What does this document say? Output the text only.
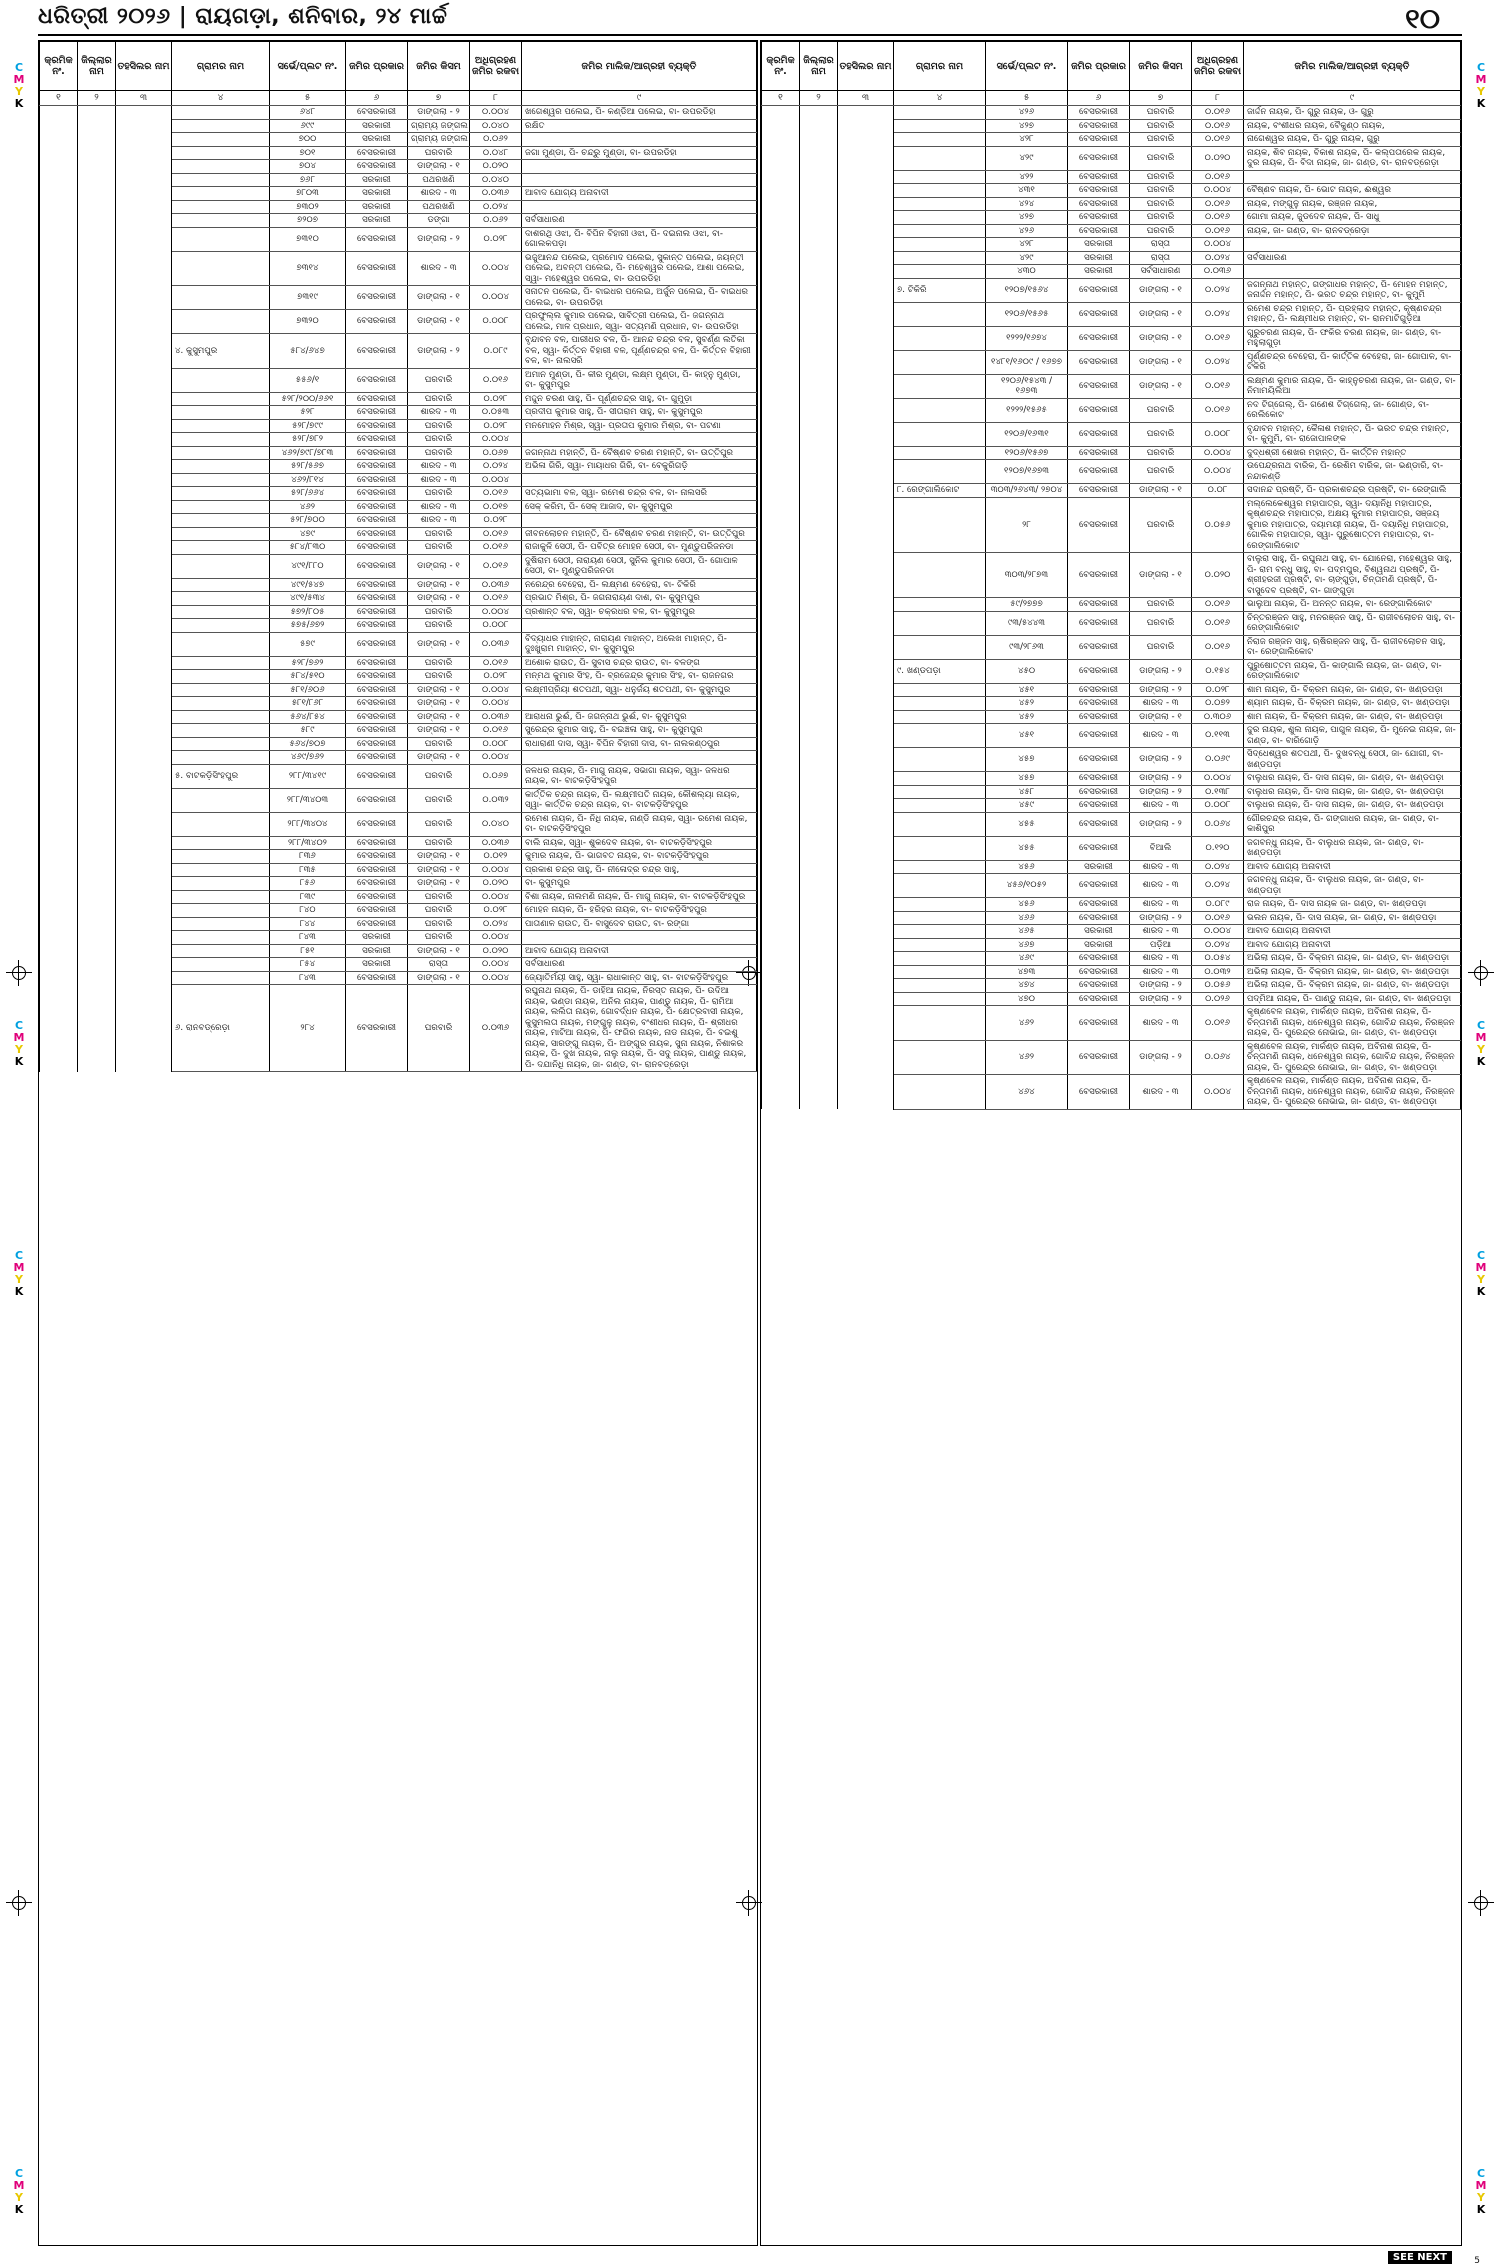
ଧରିତ୍ରୀ ୨୦୨୬ | ରାୟଗଡ଼ା, ଶନିବାର, ୨୪ ମାର୍ଚ୍ଚ	୧୦
C
M
Y
K
C
M
Y
K
C
M
Y
K
C
M
Y
K
C
M
Y
K
C
M
Y
K
C
M
Y
K
C
M
Y
K
କ୍ରମିକ ନଂ.	ଜିଲ୍ଲାର ନାମ	ତହସିଲର ନାମ	ଗ୍ରାମର ନାମ	ସର୍ଭେ/ପ୍ଲଟ ନଂ.	ଜମିର ପ୍ରକାର	ଜମିର କିସମ	ଅଧିଗ୍ରହଣ ଜମିର ରକବା	ଜମିର ମାଲିକ/ଆଗ୍ରହୀ ବ୍ୟକ୍ତି
୧	୨	୩	୪	୫	୬	୭	୮	୯
				୬୪୮	ବେସରକାରୀ	ଡାଙ୍ଗଲା - ୨	୦.୦୦୪	ଖଗେଶ୍ୱର ପଲେଇ, ପି- କଣ୍ଡିଆ ପଲେଇ, ବା- ଉପରଡିହା
				୬୯୯	ସରକାରୀ	ଗ୍ରାମ୍ୟ ଜଙ୍ଗଲ	୦.୦୪୦	ରକ୍ଷିତ
				୭୦୦	ସରକାରୀ	ଗ୍ରାମ୍ୟ ଜଙ୍ଗଲ	୦.୦୬୨	
				୭୦୧	ବେସରକାରୀ	ଘରବାରି	୦.୦୪୮	ଜଗା ମୁଣ୍ଡା, ପି- ଚନ୍ଦ୍ରୁ ମୁଣ୍ଡା, ବା- ଉପରଡିହା
				୭୦୪	ବେସରକାରୀ	ଡାଙ୍ଗଲା - ୧	୦.୦୨୦	
				୭୬୮	ସରକାରୀ	ପଥରଖଣି	୦.୦୪୦	
				୭୮୦୩	ସରକାରୀ	ଶାରଦ - ୩	୦.୦୩୬	ଆବାଦ ଯୋଗ୍ୟ ଅନାବାଦୀ
				୭୩୦୨	ସରକାରୀ	ପଥରଖଣି	୦.୦୨୪	
				୭୨୦୭	ସରକାରୀ	ଡଙ୍ଗା	୦.୦୬୨	ସର୍ବସାଧାରଣ
				୭୩୧୦	ବେସରକାରୀ	ଡାଙ୍ଗଲା - ୨	୦.୦୨୮	ଦାଶରଥି ଓଝା, ପି- ବିପିନ ବିହାରୀ ଓଝା, ପି- ଦଇନାଲ ଓଝା, ବା- ଗୋଲକପଡ଼ା
				୭୩୧୪	ବେସରକାରୀ	ଶାରଦ - ୩	୦.୦୦୪	ଭଜୁଆନନ୍ଦ ପଲେଇ, ପ୍ରମୋଦ ପଲେଇ, ସୁକାନ୍ତ ପଲେଇ, ଜୟନ୍ତୀ ପଲେଇ, ଅବନ୍ତୀ ପଲେଇ, ପି- ମହେଶ୍ୱର ପଲେଇ, ଆଶା ପଲେଇ, ସ୍ୱା- ମହେଶ୍ୱର ପଲେଇ, ବା- ଉପରଡିହା
				୭୩୧୯	ବେସରକାରୀ	ଡାଙ୍ଗଲା - ୧	୦.୦୦୪	ସନାତନ ପଲେଇ, ପି- ବାଇଧର ପଲେଇ, ଅର୍ଜୁନ ପଲେଇ, ପି- ବାଇଧର ପଲେଇ, ବା- ଉପରଡିହା
				୭୩୨୦	ବେସରକାରୀ	ଡାଙ୍ଗଲା - ୧	୦.୦୦୮	ପ୍ରଫୁଲ୍ଲ କୁମାର ପଲେଇ, ସାବିତ୍ରୀ ପଲେଇ, ପି- ଜଗନ୍ନାଥ ପଲେଇ, ମାଳ ପ୍ରଧାନ, ସ୍ୱା- ସତ୍ୟମଣି ପ୍ରଧାନ, ବା- ଉପରଡିହା
			୪. କୁସୁମପୁର	୫୮୪/୬୪୭	ବେସରକାରୀ	ଡାଙ୍ଗଲା - ୨	୦.୦୮୯	ବୃନ୍ଦାବନ ବଳ, ପାରୀଧର ବଳ, ପି- ଆନନ୍ଦ ଚନ୍ଦ୍ର ବଳ, ସୁବର୍ଣ୍ଣ ଲତିକା ବଳ, ସ୍ୱା- କିର୍ତ୍ତନ ବିହାରୀ ବଳ, ପୂର୍ଣ୍ଣଚନ୍ଦ୍ର ବଳ, ପି- କିର୍ତ୍ତନ ବିହାରୀ ବଳ, ବା- ନାଲସରି
				୫୫୬/୧	ବେସରକାରୀ	ଘରବାରି	୦.୦୧୬	ଅମାନ ମୁଣ୍ଡା, ପି- କୀର ମୁଣ୍ଡା, ଲକ୍ଷ୍ମ ମୁଣ୍ଡା, ପି- କାହ୍ନୁ ମୁଣ୍ଡା, ବା- କୁସୁମପୁର
				୫୨୮/୨୦୦/୬୬୧	ବେସରକାରୀ	ଘରବାରି	୦.୦୨୮	ମଦ୍ଦୁନ ଚରଣ ସାହୁ, ପି- ପୂର୍ଣ୍ଣଚନ୍ଦ୍ର ସାହୁ, ବା- ଗୁମୁଡ଼ା
				୫୨୮	ବେସରକାରୀ	ଶାରଦ - ୩	୦.୦୫୩	ପ୍ରଦୀପ କୁମାର ସାହୁ, ପି- ସୀତାରାମ ସାହୁ, ବା- କୁସୁମପୁର
				୫୨୮/୭୯୯	ବେସରକାରୀ	ଘରବାରି	୦.୦୨୮	ମନମୋହନ ମିଶ୍ର, ସ୍ୱା- ପ୍ରତାପ କୁମାର ମିଶ୍ର, ବା- ପଟଣା
				୫୨୮/୭୮୨	ବେସରକାରୀ	ଘରବାରି	୦.୦୦୪	
				୪୬୨/୭୯୮/୭୮୩	ବେସରକାରୀ	ଘରବାରି	୦.୦୬୭	ଜଗନ୍ନାଥ ମହାନ୍ତି, ପି- ବୈଷ୍ଣବ ଚରଣ ମହାନ୍ତି, ବା- ଉତ୍ତିପୁର
				୫୨୮/୫୬୭	ବେସରକାରୀ	ଶାରଦ - ୩	୦.୦୨୪	ଅଭିଳା ଗିରି, ସ୍ୱା- ମାୟାଧର ଗିରି, ବା- ବେକୁରିଗଡ଼ି
				୪୬୨/୮୧୪	ବେସରକାରୀ	ଶାରଦ - ୩	୦.୦୦୪	
				୫୨୮/୬୬୪	ବେସରକାରୀ	ଘରବାରି	୦.୦୧୬	ସତ୍ୟଭାମା ବଳ, ସ୍ୱା- ରମେଶ ଚନ୍ଦ୍ର ବଳ, ବା- ନାଲସରି
				୪୬୨	ବେସରକାରୀ	ଶାରଦ - ୩	୦.୦୧୭	ସେକ୍ କରିମ, ପି- ସେକ୍ ଆଜାଦ, ବା- କୁସୁମପୁର
				୫୨୮/୭୦୦	ବେସରକାରୀ	ଶାରଦ - ୩	୦.୦୨୮	
				୪୭୯	ବେସରକାରୀ	ଘରବାରି	୦.୦୧୬	ଜୀବନଲୋଚନ ମହାନ୍ତି, ପି- ବୈଷ୍ଣବ ଚରଣ ମହାନ୍ତି, ବା- ଉତ୍ତିପୁର
				୫୮୪/୮୩୦	ବେସରକାରୀ	ଘରବାରି	୦.୦୧୬	ରାଜାକୁଳି ସେଠୀ, ପି- ପବିତ୍ର ମୋହନ ସେଠୀ, ବା- ମୁଣ୍ଡୁପରିଜନଡା
				୪୯୧/୮୮୦	ବେସରକାରୀ	ଡାଙ୍ଗଲା - ୧	୦.୦୧୬	ଦୁଷିରାମ ସେଠୀ, ନାରାୟଣ ସେଠୀ, ସୁନିଲ କୁମାର ସେଠୀ, ପି- ଗୋପାଳ ସେଠୀ, ବା- ମୁଣ୍ଡୁପରିଜନଡା
				୪୯୧/୫୪୭	ବେସରକାରୀ	ଡାଙ୍ଗଲା - ୧	୦.୦୩୬	ନରେନ୍ଦ୍ର ବେହେରା, ପି- ଲକ୍ଷ୍ମଣ ବେହେରା, ବା- ଟିକିରି
				୪୯୧/୫୩୪	ବେସରକାରୀ	ଡାଙ୍ଗଲା - ୧	୦.୦୧୬	ପ୍ରଭାତ ମିଶ୍ର, ପି- ଜଗନାରାୟଣ ଦାଶ, ବା- କୁସୁମପୁର
				୫୭୨/୮୦୫	ବେସରକାରୀ	ଘରବାରି	୦.୦୦୪	ପ୍ରଶାନ୍ତ ବଳ, ସ୍ୱା- ଚକ୍ରଧର ବଳ, ବା- କୁସୁମପୁର
				୫୭୫/୬୭୨	ବେସରକାରୀ	ଘରବାରି	୦.୦୦୮	
				୫୭୯	ବେସରକାରୀ	ଡାଙ୍ଗଲା - ୧	୦.୦୩୬	ବିଦ୍ୟାଧର ମାହାନ୍ତ, ନାରାୟଣ ମାହାନ୍ତ, ଅଲେଖ ମାହାନ୍ତ, ପି- ଦୁଃଖୁରାମ ମାହାନ୍ତ, ବା- କୁସୁମପୁର
				୫୨୮/୭୬୨	ବେସରକାରୀ	ଘରବାରି	୦.୦୧୬	ଅଶୋକ ରାଉତ, ପି- ସୁବାସ ଚନ୍ଦ୍ର ରାଉତ, ବା- ବଳଙ୍ଗ
				୫୮୪/୫୧୦	ବେସରକାରୀ	ଘରବାରି	୦.୦୨୮	ମନ୍ମଥ କୁମାର ସିଂହ, ପି- ବ୍ରଜେନ୍ଦ୍ର କୁମାର ସିଂହ, ବା- ରାଜନଗର
				୫୮୧/୬୦୬	ବେସରକାରୀ	ଡାଙ୍ଗଲା - ୧	୦.୦୦୪	ଲକ୍ଷ୍ମୀପ୍ରିୟା ଶତପଥୀ, ସ୍ୱା- ଧନୁର୍ଜୟ ଶତପଥୀ, ବା- କୁସୁମପୁର
				୫୮୧/୮୬୮	ବେସରକାରୀ	ଡାଙ୍ଗଲା - ୧	୦.୦୦୪	
				୫୬୪/୮୫୪	ବେସରକାରୀ	ଡାଙ୍ଗଲା - ୧	୦.୦୩୬	ଆରାଧନା ଭୁଈଁ, ପି- ଜଗନ୍ନାଥ ଭୁଈଁ, ବା- କୁସୁମପୁର
				୫୮୯	ବେସରକାରୀ	ଡାଙ୍ଗଲା - ୧	୦.୦୧୬	ସୁରେନ୍ଦ୍ର କୁମାର ସାହୁ, ପି- ବଇଞ୍ଚଳା ସାହୁ, ବା- କୁସୁମପୁର
				୫୬୪/୭୦୭	ବେସରକାରୀ	ଘରବାରି	୦.୦୦୮	ରାଧାରାଣୀ ଦାସ, ସ୍ୱା- ବିପିନ ବିହାରୀ ଦାସ, ବା- ନାଲକଣ୍ଠପୁର
				୪୬୯/୭୬୨	ବେସରକାରୀ	ଡାଙ୍ଗଲା - ୧	୦.୦୦୪	
			୫. ବାଟକଡ଼ିସିଂହପୁର	୨୮୮/୩୪୧୯	ବେସରକାରୀ	ଘରବାରି	୦.୦୬୭	ଜଳଧର ନାୟକ, ପି- ମାଗୁ ନାୟକ, ସଭାଗା ନାୟକ, ସ୍ୱା- ଜଳଧର ନାୟକ, ବା- ବାଟକଡ଼ିସିଂହପୁର
				୨୮୮/୩୪୦୩	ବେସରକାରୀ	ଘରବାରି	୦.୦୩୨	କାର୍ତ୍ତିକ ଚନ୍ଦ୍ର ନାୟକ, ପି- ଲକ୍ଷ୍ମୀପତି ନାୟକ, କୌଶଲ୍ୟା ନାୟକ, ସ୍ୱା- କାର୍ତ୍ତିକ ଚନ୍ଦ୍ର ନାୟକ, ବା- ବାଟକଡ଼ିସିଂହପୁର
				୨୮୮/୩୪୦୪	ବେସରକାରୀ	ଘରବାରି	୦.୦୪୦	ରମେଶ ନାୟକ, ପି- ନିଧି ନାୟକ, ନାଣ୍ଡି ନାୟକ, ସ୍ୱା- ରମେଶ ନାୟକ, ବା- ବାଟକଡ଼ିସିଂହପୁର
				୨୮୮/୩୪୦୨	ବେସରକାରୀ	ଘରବାରି	୦.୦୩୬	ବାଲି ନାୟକ, ସ୍ୱା- ଶୁକଦେବ ନାୟକ, ବା- ବାଟକଡ଼ିସିଂହପୁର
				୮୩୬	ବେସରକାରୀ	ଡାଙ୍ଗଲା - ୧	୦.୦୧୨	କୁମାର ନାୟକ, ପି- ଭାଗବତ ନାୟକ, ବା- ବାଟକଡ଼ିସିଂହପୁର
				୮୩୫	ବେସରକାରୀ	ଡାଙ୍ଗଲା - ୧	୦.୦୦୪	ପ୍ରକାଶ ଚନ୍ଦ୍ର ସାହୁ, ପି- ନୀଳୋଦ୍ର ଚନ୍ଦ୍ର ସାହୁ,
				୮୫୬	ବେସରକାରୀ	ଡାଙ୍ଗଲା - ୧	୦.୦୨୦	ବା- କୁସୁମପୁର
				୮୩୯	ବେସରକାରୀ	ଘରବାରି	୦.୦୦୪	ବିଶା ନାୟକ, ନାଲମଣି ନାୟକ, ପି- ମାଗୁ ନାୟକ, ବା- ବାଟକଡ଼ିସିଂହପୁର
				୮୪୦	ବେସରକାରୀ	ଘରବାରି	୦.୦୨୮	ମୋହନ ନାୟକ, ପି- ହରିହର ନାୟକ, ବା- ବାଟକଡ଼ିସିଂହପୁର
				୮୪୪	ବେସରକାରୀ	ଘରବାରି	୦.୦୨୪	ପାତାଣାଳ ରାଉତ, ପି- ବାସୁଦେବ ରାଉତ, ବା- ରଙ୍ଗା
				୮୪୩	ସରକାରୀ	ଘରବାରି	୦.୦୦୪	
				୮୫୧	ସରକାରୀ	ଡାଙ୍ଗଲା - ୧	୦.୦୨୦	ଆବାଦ ଯୋଗ୍ୟ ଅନାବାଦୀ
				୮୫୪	ସରକାରୀ	ରାସ୍ତା	୦.୦୦୪	ସର୍ବସାଧାରଣ
				୮୪୩	ବେସରକାରୀ	ଡାଙ୍ଗଲା - ୧	୦.୦୦୪	ଜ୍ୟୋତିର୍ମୟୀ ସାହୁ, ସ୍ୱା- ରାଧାକାନ୍ତ ସାହୁ, ବା- ବାଟକଡ଼ିସିଂହପୁର
			୬. ରାନବଡ୍ରେଡ଼ା	୨୮୪	ବେସରକାରୀ	ଘରବାରି	୦.୦୩୬	ରଘୁନାଥ ନାୟକ, ପି- ଡାହିଆ ନାୟକ, ନିରସ୍ତ ନାୟକ, ପି- ଉଦିଆ ନାୟକ, ଭଣ୍ଡା ନାୟକ, ଅନିଲ ନାୟକ, ପାଣ୍ଡୁ ନାୟକ, ପି- ରାମିଆ ନାୟକ, ଲଲିତା ନାୟକ, ଗୋବର୍ଦ୍ଧନ ନାୟକ, ପି- କ୍ଷେତ୍ରବାସୀ ନାୟକ, କୁସୁମଲତା ନାୟକ, ମଙ୍ଗୁଳୁ ନାୟକ, ବଂଶୀଧର ନାୟକ, ପି- ଶ୍ରୀଧର ନାୟକ, ମାଟିଆ ନାୟକ, ପି- ଫଗିର ନାୟକ, ନାଡ ନାୟକ, ପି- ବଇଶୁ ନାୟକ, ସାରଙ୍ଗୁ ନାୟକ, ପି- ଅଙ୍ଗୁର ନାୟକ, ସୁନା ନାୟକ, ନିଶାକର ନାୟକ, ପି- ଦୁଖ ନାୟକ, ନାଲୁ ନାୟକ, ପି- ସଦୁ ନାୟକ, ପାଣ୍ଡୁ ନାୟକ, ପି- ଦଯାନିଧି ନାୟକ, ଜା- ଗଣ୍ଡ, ବା- ରାନବଡ୍ରେଡ଼ା
କ୍ରମିକ ନଂ.	ଜିଲ୍ଲାର ନାମ	ତହସିଲର ନାମ	ଗ୍ରାମର ନାମ	ସର୍ଭେ/ପ୍ଲଟ ନଂ.	ଜମିର ପ୍ରକାର	ଜମିର କିସମ	ଅଧିଗ୍ରହଣ ଜମିର ରକବା	ଜମିର ମାଲିକ/ଆଗ୍ରହୀ ବ୍ୟକ୍ତି
୧	୨	୩	୪	୫	୬	୭	୮	୯
				୪୨୬	ବେସରକାରୀ	ଘରବାରି	୦.୦୧୬	ଜାର୍ଦ୍ଦନ ନାୟକ, ପି- ଗୁରୁ ନାୟକ, ଓ- ଗୁରୁ
				୪୨୭	ବେସରକାରୀ	ଘରବାରି	୦.୦୧୬	ନାୟକ, ବଂଶୀଧର ନାୟକ, ବୈକୁଣ୍ଠ ନାୟକ,
				୪୨୮	ବେସରକାରୀ	ଘରବାରି	୦.୦୧୬	ନାଗେଶ୍ୱର ନାୟକ, ପି- ଗୁରୁ ନାୟକ, ଗୁରୁ
				୪୨୯	ବେସରକାରୀ	ଘରବାରି	୦.୦୨୦	ନାୟକ, ଶିବ ନାୟକ, ବିକାଶ ନାୟକ, ପି- କଲ୍ପତାରେକ ନାୟକ, ଦୁର ନାୟକ, ପି- ବିଦା ନାୟକ, ଜା- ଗଣ୍ଡ, ବା- ରାନବଡ୍ରେଡ଼ା
				୪୨୨	ବେସରକାରୀ	ଘରବାରି	୦.୦୧୬	
				୪୩୧	ବେସରକାରୀ	ଘରବାରି	୦.୦୦୪	ବୈଷ୍ଣବ ନାୟକ, ପି- ଭୋଟ ନାୟକ, ଈଶ୍ୱର
				୪୨୪	ବେସରକାରୀ	ଘରବାରି	୦.୦୧୬	ନାୟକ, ମଙ୍ଗୁଳୁ ନାୟକ, ରଞ୍ଜନ ନାୟକ,
				୪୨୭	ବେସରକାରୀ	ଘରବାରି	୦.୦୧୬	ଗୋମା ନାୟକ, ଜୁଡଦେବ ନାୟକ, ପି- ସାଧୁ
				୪୨୬	ବେସରକାରୀ	ଘରବାରି	୦.୦୧୬	ନାୟକ, ଜା- ଗଣ୍ଡ, ବା- ରାନବଡ୍ରେଡ଼ା
				୪୨୮	ସରକାରୀ	ରାସ୍ତା	୦.୦୦୪	
				୪୨୯	ସରକାରୀ	ରାସ୍ତା	୦.୦୨୪	ସର୍ବସାଧାରଣ
				୪୩୦	ସରକାରୀ	ସର୍ବସାଧାରଣ	୦.୦୩୬	
			୭. ଟିକିରି	୧୨୦୭/୧୫୬୪	ବେସରକାରୀ	ଡାଙ୍ଗଲା - ୧	୦.୦୨୪	ଜଗନ୍ନାଥ ମହାନ୍ତ, ଗଙ୍ଗାଧର ମହାନ୍ତ, ପି- ମୋହନ ମହାନ୍ତ, ଜନାର୍ଦ୍ଦନ ମହାନ୍ତ, ପି- ଭରତ ଚନ୍ଦ୍ର ମହାନ୍ତ, ବା- କୁମୁମି
				୧୨୦୬/୧୫୬୫	ବେସରକାରୀ	ଡାଙ୍ଗଲା - ୧	୦.୦୨୪	ରମେଶ ଚନ୍ଦ୍ର ମହାନ୍ତ, ପି- ପ୍ରହ୍ଲାଦ ମହାନ୍ତ, କୃଷ୍ଣଚନ୍ଦ୍ର ମହାନ୍ତ, ପି- ଲକ୍ଷ୍ମୀଧର ମହାନ୍ତ, ବା- ରାନମାଟିଗୁଡ଼ିଆ
				୧୨୨୨/୧୬୭୪	ବେସରକାରୀ	ଡାଙ୍ଗଲା - ୧	୦.୦୧୬	ଗୁରୁଚରଣ ନାୟକ, ପି- ଫକିର ଚରଣ ନାୟକ, ଜା- ଗଣ୍ଡ, ବା- ମହୁଲାଗୁଡ଼ା
				୧୪୮୧/୧୬୦୯ / ୧୬୭୭	ବେସରକାରୀ	ଡାଙ୍ଗଲା - ୧	୦.୦୨୪	ପୂର୍ଣ୍ଣଚନ୍ଦ୍ର ବେହେରା, ପି- କାର୍ତ୍ତିକ ବେହେରା, ଜା- ଗୋପାଳ, ବା- ଟିକିରି
				୧୨୦୬/୧୫୪୩ / ୧୬୭୩	ବେସରକାରୀ	ଡାଙ୍ଗଲା - ୧	୦.୦୧୬	ଲକ୍ଷ୍ମଣ କୁମାର ନାୟକ, ପି- କାହ୍ନୁଚରଣ ନାୟକ, ଜା- ଗଣ୍ଡ, ବା- ନିମାମୟିଲିଆ
				୧୨୨୨/୧୫୬୫	ବେସରକାରୀ	ଘରବାରି	୦.୦୧୬	ନଦ ଟିଗ୍ଗେଲ୍, ପି- ଗଣେଶ ଟିଗ୍ଗେଲ୍, ଜା- ଗୋଣ୍ଡ, ବା- ରେଲିକୋଟ
				୧୨୦୬/୧୬୩୧	ବେସରକାରୀ	ଘରବାରି	୦.୦୦୮	ବୃନ୍ଦାବନ ମହାନ୍ତ, କୈଳାଶ ମହାନ୍ତ, ପି- ଭରତ ଚନ୍ଦ୍ର ମହାନ୍ତ, ବା- କୁମୁମି, ବା- ରାଜୋପାଳଙ୍କ
				୧୨୦୬/୧୫୬୭	ବେସରକାରୀ	ଘରବାରି	୦.୦୦୪	ଦୁଦ୍ଧଶ୍ରୀ ଶେଖର ମହାନ୍ତ, ପି- କାର୍ତ୍ତିନ ମହାନ୍ତ
				୧୨୦୭/୧୬୭୩	ବେସରକାରୀ	ଘରବାରି	୦.୦୦୪	ଉପେନ୍ଦ୍ରନାଥ ବାରିକ, ପି- ରେଶିମ ବାରିକ, ଜା- ଭଣ୍ଡାରି, ବା- ନନ୍ଦାକଣ୍ଡି
			୮. ରେଙ୍ଗାଲିକୋଟ	୩୦୩/୨୬୪୩/ ୨୭୦୪	ବେସରକାରୀ	ଡାଙ୍ଗଲା - ୧	୦.୦୮	ସଦାନନ୍ଦ ପ୍ରଷ୍ଟି, ପି- ପ୍ରକାଶଚନ୍ଦ୍ର ପ୍ରଷ୍ଟି, ବା- ରେଙ୍ଗାଲି
				୨୮	ବେସରକାରୀ	ଘରବାରି	୦.୦୫୬	ମଲ୍ଲେକେଶ୍ୱର ମହାପାତ୍ର, ସ୍ୱା- ଦୟାନିଧି ମହାପାତ୍ର, କୃଷ୍ଣଚନ୍ଦ୍ର ମହାପାତ୍ର, ଅକ୍ଷୟ କୁମାର ମହାପାତ୍ର, ସଞ୍ଜୟ କୁମାର ମହାପାତ୍ର, ଦୟାମୟୀ ନାୟକ, ପି- ଦୟାନିଧି ମହାପାତ୍ର, ଗୋଲିକ ମହାପାତ୍ର, ସ୍ୱା- ପୁରୁଷୋତ୍ତମ ମହାପାତ୍ର, ବା- ରେଙ୍ଗାଲିକୋଟ
				୩୦୩/୨୮୭୩	ବେସରକାରୀ	ଡାଙ୍ଗଲା - ୧	୦.୦୨୦	ବାଲୁରା ସାହୁ, ପି- ରଘୁନାଥ ସାହୁ, ବା- ଯୋନେରା, ମହେଶ୍ୱର ସାହୁ, ପି- ରାମ ବନ୍ଧୁ ସାହୁ, ବା- ପଦ୍ମପୁର, ବିଶ୍ୱନାଥ ପ୍ରଷ୍ଟି, ପି- ଶ୍ରୀହରଜୀ ପ୍ରଷ୍ଟି, ବା- ଚାଙ୍ଗୁଡ଼ା, ଚିନ୍ତାମଣି ପ୍ରଷ୍ଟି, ପି- ବାସୁଦେବ ପ୍ରଷ୍ଟି, ବା- ଗାଙ୍ଗୁଡ଼ା
				୫୯/୨୭୭୭	ବେସରକାରୀ	ଘରବାରି	୦.୦୧୬	ଭାଲୁଆ ନାୟକ, ପି- ଅନନ୍ତ ନାୟକ, ବା- ରେଙ୍ଗାଲିକୋଟ
				୯୩/୫୪୪୩	ବେସରକାରୀ	ଘରବାରି	୦.୦୧୬	ଚିନ୍ତରଞ୍ଜନ ସାହୁ, ମନରଞ୍ଜନ ସାହୁ, ପି- ରାଜୀବଲୋଚନ ସାହୁ, ବା- ରେଙ୍ଗାଲିକୋଟ
				୯୩/୨୮୬୩	ବେସରକାରୀ	ଘରବାରି	୦.୦୧୬	ନିରାଜ ରଞ୍ଜନ ସାହୁ, ଋଷିରଞ୍ଜନ ସାହୁ, ପି- ରାଜୀବଲୋଚନ ସାହୁ, ବା- ରେଙ୍ଗାଲିକୋଟ
			୯. ଖଣ୍ଡପଡ଼ା	୪୫୦	ବେସରକାରୀ	ଡାଙ୍ଗଲା - ୨	୦.୧୫୪	ପୁରୁଷୋତ୍ତମ ନାୟକ, ପି- କାଙ୍ଗାଲି ନାୟକ, ଜା- ଗଣ୍ଡ, ବା- ରେଙ୍ଗାଲିକୋଟ
				୪୫୧	ବେସରକାରୀ	ଡାଙ୍ଗଲା - ୨	୦.୦୨୮	ଶାମ ନାୟକ, ପି- ବିକ୍ରମ ନାୟକ, ଜା- ଗଣ୍ଡ, ବା- ଖଣ୍ଡପଡ଼ା
				୪୫୨	ବେସରକାରୀ	ଶାରଦ - ୩	୦.୦୭୨	ଶ୍ୟାମ ନାୟକ, ପି- ବିକ୍ରମ ନାୟକ, ଜା- ଗଣ୍ଡ, ବା- ଖଣ୍ଡପଡ଼ା
				୪୫୨	ବେସରକାରୀ	ଡାଙ୍ଗଲା - ୧	୦.୩୦୬	ଶାମ ନାୟକ, ପି- ବିକ୍ରମ ନାୟକ, ଜା- ଗଣ୍ଡ, ବା- ଖଣ୍ଡପଡ଼ା
				୪୫୧	ବେସରକାରୀ	ଶାରଦ - ୩	୦.୧୧୩	ଦୁର ନାୟକ, ଶୁଲ ନାୟକ, ପାଗୁଳ ନାୟକ, ପି- ମୁନେଇ ନାୟକ, ଜା- ଗଣ୍ଡ, ବା- ବାରିଗୋଡ଼ି
				୪୫୭	ବେସରକାରୀ	ଡାଙ୍ଗଲା - ୨	୦.୦୬୯	ସିଦ୍ଧେଶ୍ୱର ଶତପଥୀ, ପି- ଦୁଖବନ୍ଧୁ ସେଠୀ, ଜା- ଯୋଗୀ, ବା- ଖଣ୍ଡପଡ଼ା
				୪୫୭	ବେସରକାରୀ	ଡାଙ୍ଗଲା - ୨	୦.୦୦୪	ବାଲୁଧର ନାୟକ, ପି- ଦାସ ନାୟକ, ଜା- ଗଣ୍ଡ, ବା- ଖଣ୍ଡପଡ଼ା
				୪୫୮	ବେସରକାରୀ	ଡାଙ୍ଗଲା - ୨	୦.୧୩୮	ବାଲୁଧର ନାୟକ, ପି- ଦାସ ନାୟକ, ଜା- ଗଣ୍ଡ, ବା- ଖଣ୍ଡପଡ଼ା
				୪୫୯	ବେସରକାରୀ	ଶାରଦ - ୩	୦.୦୦୮	ବାଲୁଧର ନାୟକ, ପି- ଦାସ ନାୟକ, ଜା- ଗଣ୍ଡ, ବା- ଖଣ୍ଡପଡ଼ା
				୪୫୫	ବେସରକାରୀ	ଡାଙ୍ଗଲା - ୨	୦.୦୬୪	ଗୌରଚନ୍ଦ୍ର ନାୟକ, ପି- ଗଙ୍ଗାଧର ନାୟକ, ଜା- ଗଣ୍ଡ, ବା- କାଶିପୁର
				୪୫୫	ବେସରକାରୀ	ବିଆଲି	୦.୧୨୦	ଜଗବନ୍ଧୁ ନାୟକ, ପି- ବାଲୁଧର ନାୟକ, ଜା- ଗଣ୍ଡ, ବା- ଖଣ୍ଡପଡ଼ା
				୪୫୬	ସରକାରୀ	ଶାରଦ - ୩	୦.୦୨୪	ଆବାଦ ଯୋଗ୍ୟ ଅନାବାଦୀ
				୪୫୬/୧୦୫୨	ବେସରକାରୀ	ଶାରଦ - ୩	୦.୦୨୪	ଜଗବନ୍ଧୁ ନାୟକ, ପି- ବାଲୁଧର ନାୟକ, ଜା- ଗଣ୍ଡ, ବା- ଖଣ୍ଡପଡ଼ା
				୪୫୬	ବେସରକାରୀ	ଶାରଦ - ୩	୦.୦୮୯	ରାଜ ନାୟକ, ପି- ଦାସ ନାୟକ ଜା- ଗଣ୍ଡ, ବା- ଖଣ୍ଡପଡ଼ା
				୪୬୬	ବେସରକାରୀ	ଡାଙ୍ଗଲା - ୨	୦.୦୧୬	ଭଲନ ନାୟକ, ପି- ଦାସ ନାୟକ, ଜା- ଗଣ୍ଡ, ବା- ଖଣ୍ଡପଡ଼ା
				୪୬୫	ସରକାରୀ	ଶାରଦ - ୩	୦.୦୦୪	ଆବାଦ ଯୋଗ୍ୟ ଅନାବାଦୀ
				୪୬୭	ସରକାରୀ	ପଡ଼ିଆ	୦.୦୨୪	ଆବାଦ ଯୋଗ୍ୟ ଅନାବାଦୀ
				୪୬୯	ବେସରକାରୀ	ଶାରଦ - ୩	୦.୦୫୪	ଅଭିଲା ନାୟକ, ପି- ବିକ୍ରମ ନାୟକ, ଜା- ଗଣ୍ଡ, ବା- ଖଣ୍ଡପଡ଼ା
				୪୭୩	ବେସରକାରୀ	ଶାରଦ - ୩	୦.୦୩୨	ଅଭିଲା ନାୟକ, ପି- ବିକ୍ରମ ନାୟକ, ଜା- ଗଣ୍ଡ, ବା- ଖଣ୍ଡପଡ଼ା
				୪୭୪	ବେସରକାରୀ	ଡାଙ୍ଗଲା - ୨	୦.୦୫୬	ଅଭିଲା ନାୟକ, ପି- ବିକ୍ରମ ନାୟକ, ଜା- ଗଣ୍ଡ, ବା- ଖଣ୍ଡପଡ଼ା
				୪୭୦	ବେସରକାରୀ	ଡାଙ୍ଗଲା - ୨	୦.୦୨୬	ପଦ୍ମିଆ ନାୟକ, ପି- ପାଣ୍ଡୁ ନାୟକ, ଜା- ଗଣ୍ଡ, ବା- ଖଣ୍ଡପଡ଼ା
				୪୬୨	ବେସରକାରୀ	ଶାରଦ - ୩	୦.୦୧୬	କୃଷ୍ଣବେଳ ନାୟକ, ମାର୍କଣ୍ଡ ନାୟକ, ଅବିନାଶ ନାୟକ, ପି- ଚିନ୍ତାମଣି ନାୟକ, ଧନେଶ୍ୱର ନାୟକ, ଗୋବିନ୍ଦ ନାୟକ, ନିରଞ୍ଜନ ନାୟକ, ପି- ପୁରେନ୍ଦ୍ର ନୋଭାଇ, ଜା- ଗଣ୍ଡ, ବା- ଖଣ୍ଡପଡ଼ା
				୪୬୨	ବେସରକାରୀ	ଡାଙ୍ଗଲା - ୨	୦.୦୬୪	କୃଷ୍ଣବେଳ ନାୟକ, ମାର୍କଣ୍ଡ ନାୟକ, ଅବିନାଶ ନାୟକ, ପି- ଚିନ୍ତାମଣି ନାୟକ, ଧନେଶ୍ୱର ନାୟକ, ଗୋବିନ୍ଦ ନାୟକ, ନିରଞ୍ଜନ ନାୟକ, ପି- ପୁରେନ୍ଦ୍ର ନୋଭାଇ, ଜା- ଗଣ୍ଡ, ବା- ଖଣ୍ଡପଡ଼ା
				୪୬୪	ବେସରକାରୀ	ଶାରଦ - ୩	୦.୦୦୪	କୃଷ୍ଣବେଳ ନାୟକ, ମାର୍କଣ୍ଡ ନାୟକ, ଅବିନାଶ ନାୟକ, ପି- ଚିନ୍ତାମଣି ନାୟକ, ଧନେଶ୍ୱର ନାୟକ, ଗୋବିନ୍ଦ ନାୟକ, ନିରଞ୍ଜନ ନାୟକ, ପି- ପୁରେନ୍ଦ୍ର ନୋଭାଇ, ଜା- ଗଣ୍ଡ, ବା- ଖଣ୍ଡପଡ଼ା
SEE NEXT	5
